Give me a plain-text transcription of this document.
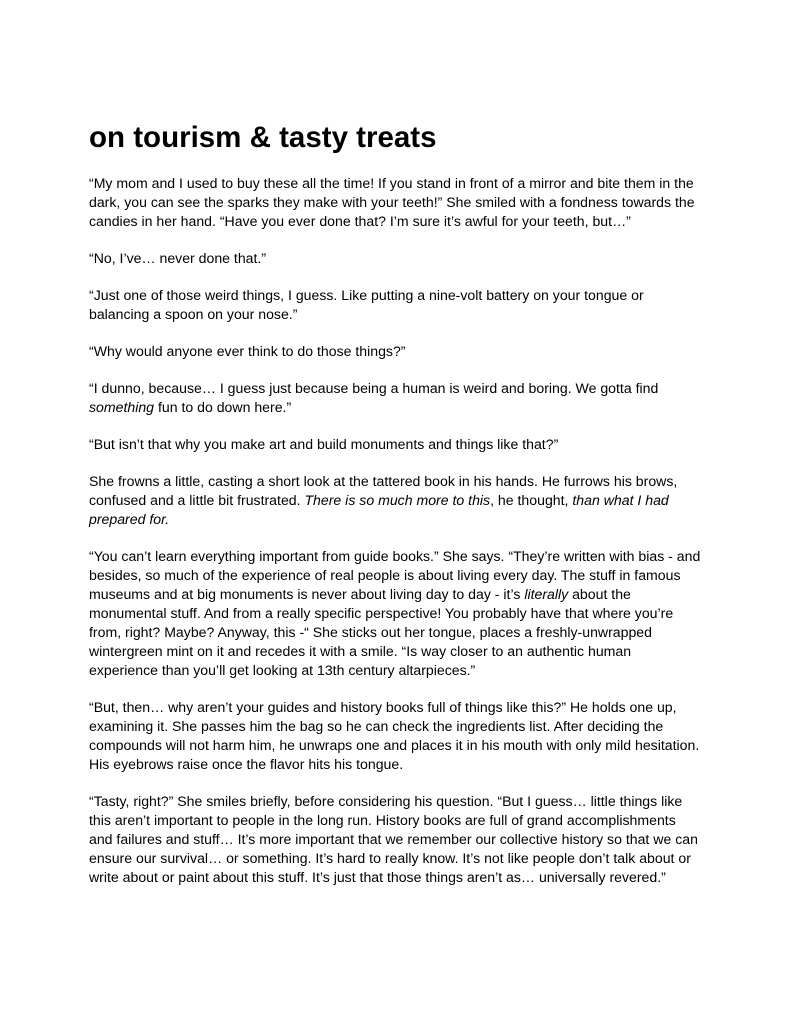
on tourism & tasty treats

“My mom and I used to buy these all the time! If you stand in front of a mirror and bite them in the dark, you can see the sparks they make with your teeth!” She smiled with a fondness towards the candies in her hand. “Have you ever done that? I’m sure it’s awful for your teeth, but…”

“No, I’ve… never done that.”

“Just one of those weird things, I guess. Like putting a nine-volt battery on your tongue or balancing a spoon on your nose.”

“Why would anyone ever think to do those things?”

“I dunno, because… I guess just because being a human is weird and boring. We gotta find something fun to do down here.”

“But isn’t that why you make art and build monuments and things like that?”

She frowns a little, casting a short look at the tattered book in his hands. He furrows his brows, confused and a little bit frustrated. There is so much more to this, he thought, than what I had prepared for.

“You can’t learn everything important from guide books.” She says. “They’re written with bias - and besides, so much of the experience of real people is about living every day. The stuff in famous museums and at big monuments is never about living day to day - it’s literally about the monumental stuff. And from a really specific perspective! You probably have that where you’re from, right? Maybe? Anyway, this -“ She sticks out her tongue, places a freshly-unwrapped wintergreen mint on it and recedes it with a smile. “Is way closer to an authentic human experience than you’ll get looking at 13th century altarpieces.”

“But, then… why aren’t your guides and history books full of things like this?” He holds one up, examining it. She passes him the bag so he can check the ingredients list. After deciding the compounds will not harm him, he unwraps one and places it in his mouth with only mild hesitation. His eyebrows raise once the flavor hits his tongue.

“Tasty, right?” She smiles briefly, before considering his question. “But I guess… little things like this aren’t important to people in the long run. History books are full of grand accomplishments and failures and stuff… It’s more important that we remember our collective history so that we can ensure our survival… or something. It’s hard to really know. It’s not like people don’t talk about or write about or paint about this stuff. It’s just that those things aren’t as… universally revered.”
